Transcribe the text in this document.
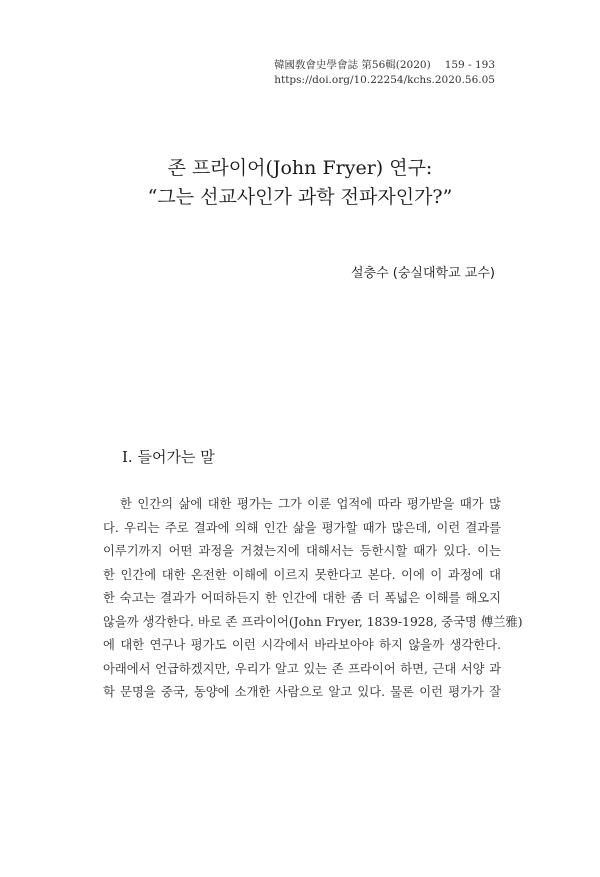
韓國敎會史學會誌 第56輯(2020) 159 - 193
https://doi.org/10.22254/kchs.2020.56.05
존 프라이어(John Fryer) 연구:
“그는 선교사인가 과학 전파자인가?”
설충수 (숭실대학교 교수)
I. 들어가는 말
한 인간의 삶에 대한 평가는 그가 이룬 업적에 따라 평가받을 때가 많
다. 우리는 주로 결과에 의해 인간 삶을 평가할 때가 많은데, 이런 결과를
이루기까지 어떤 과정을 거쳤는지에 대해서는 등한시할 때가 있다. 이는
한 인간에 대한 온전한 이해에 이르지 못한다고 본다. 이에 이 과정에 대
한 숙고는 결과가 어떠하든지 한 인간에 대한 좀 더 폭넓은 이해를 해오지
않을까 생각한다. 바로 존 프라이어(John Fryer, 1839-1928, 중국명 傅兰雅)
에 대한 연구나 평가도 이런 시각에서 바라보아야 하지 않을까 생각한다.
아래에서 언급하겠지만, 우리가 알고 있는 존 프라이어 하면, 근대 서양 과
학 문명을 중국, 동양에 소개한 사람으로 알고 있다. 물론 이런 평가가 잘
